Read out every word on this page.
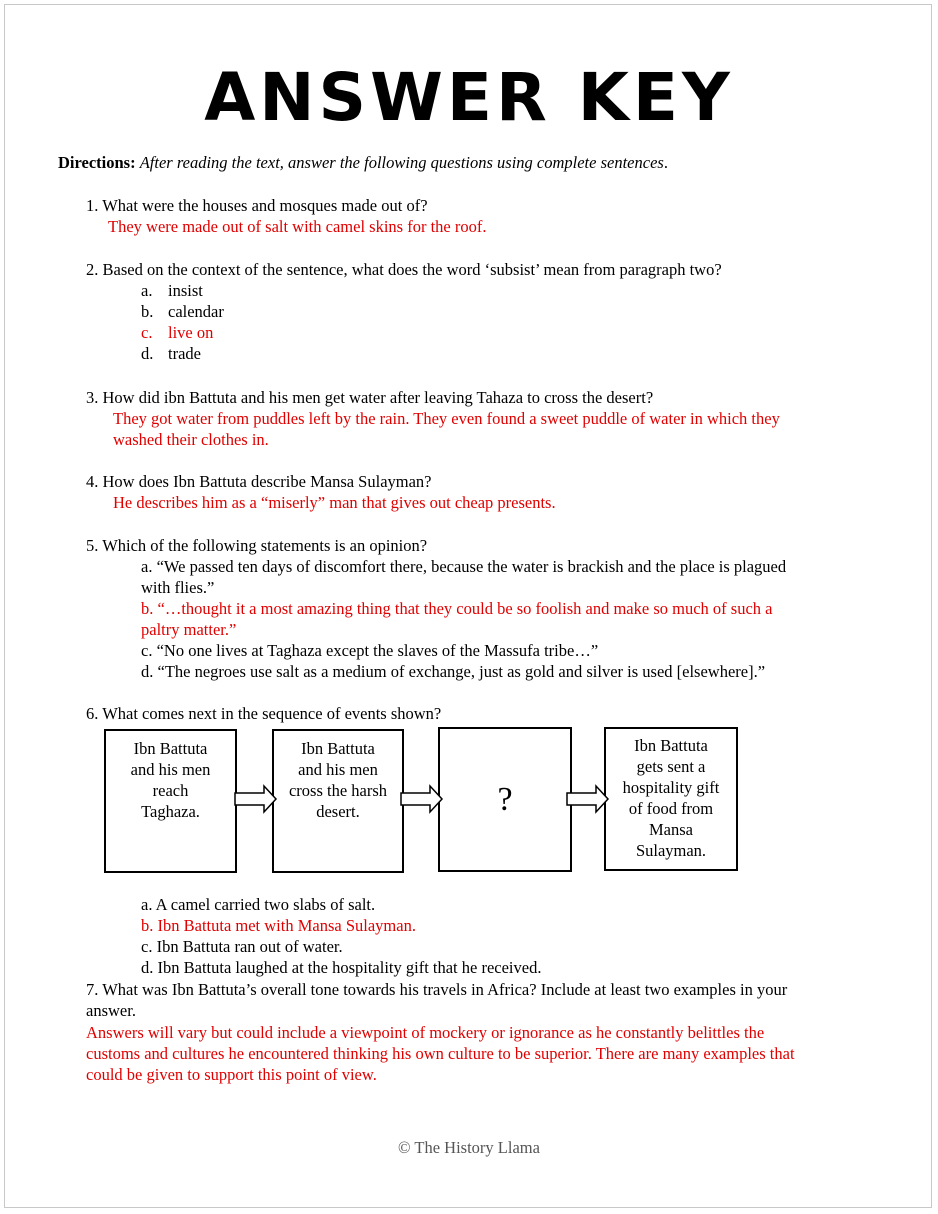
ANSWER KEY
Directions: After reading the text, answer the following questions using complete sentences.
1. What were the houses and mosques made out of?
They were made out of salt with camel skins for the roof.
2. Based on the context of the sentence, what does the word ‘subsist’ mean from paragraph two?
a. insist
b. calendar
c. live on
d. trade
3. How did ibn Battuta and his men get water after leaving Tahaza to cross the desert?
They got water from puddles left by the rain. They even found a sweet puddle of water in which they
washed their clothes in.
4. How does Ibn Battuta describe Mansa Sulayman?
He describes him as a “miserly” man that gives out cheap presents.
5. Which of the following statements is an opinion?
a. “We passed ten days of discomfort there, because the water is brackish and the place is plagued
with flies.”
b. “…thought it a most amazing thing that they could be so foolish and make so much of such a
paltry matter.”
c. “No one lives at Taghaza except the slaves of the Massufa tribe…”
d. “The negroes use salt as a medium of exchange, just as gold and silver is used [elsewhere].”
6. What comes next in the sequence of events shown?
Ibn Battuta
and his men
reach
Taghaza.
Ibn Battuta
and his men
cross the harsh
desert.	?
Ibn Battuta
gets sent a
hospitality gift
of food from
Mansa
Sulayman.
a. A camel carried two slabs of salt.
b. Ibn Battuta met with Mansa Sulayman.
c. Ibn Battuta ran out of water.
d. Ibn Battuta laughed at the hospitality gift that he received.
7. What was Ibn Battuta’s overall tone towards his travels in Africa? Include at least two examples in your
answer.
Answers will vary but could include a viewpoint of mockery or ignorance as he constantly belittles the
customs and cultures he encountered thinking his own culture to be superior. There are many examples that
could be given to support this point of view.
© The History Llama
